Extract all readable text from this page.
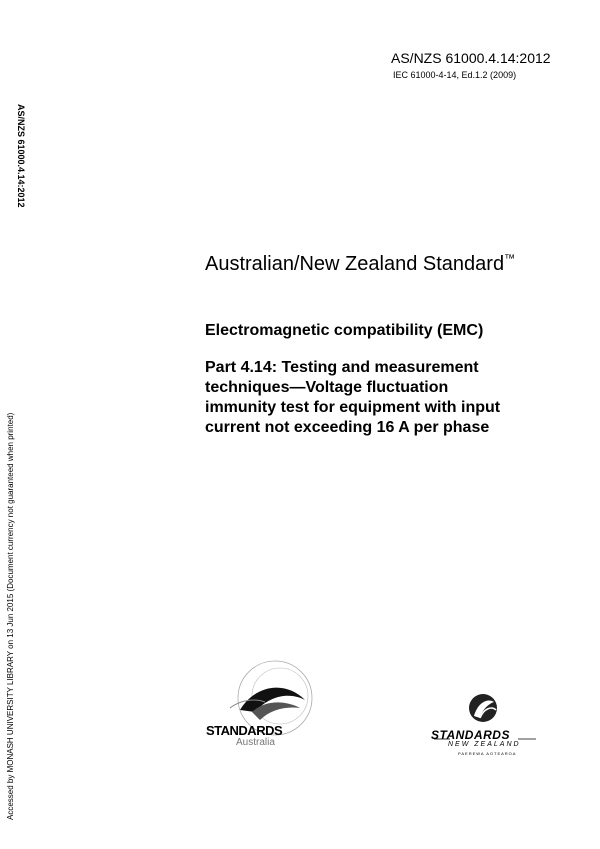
AS/NZS 61000.4.14:2012
IEC 61000-4-14, Ed.1.2 (2009)
AS/NZS 61000.4.14:2012
Accessed by MONASH UNIVERSITY LIBRARY on 13 Jun 2015 (Document currency not guaranteed when printed)
Australian/New Zealand Standard™
Electromagnetic compatibility (EMC)
Part 4.14: Testing and measurement
techniques—Voltage fluctuation
immunity test for equipment with input
current not exceeding 16 A per phase
STANDARDS
Australia
STANDARDS
NEW ZEALAND
PAEREWA AOTEAROA
